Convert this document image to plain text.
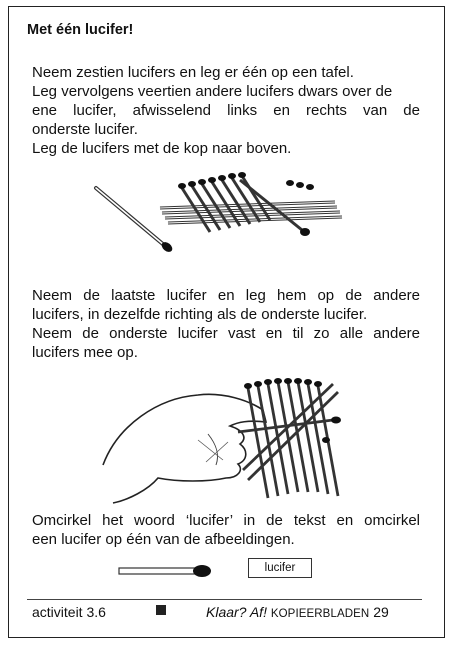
Met één lucifer!
Neem zestien lucifers en leg er één op een tafel.
Leg vervolgens veertien andere lucifers dwars over de
ene lucifer, afwisselend links en rechts van de
onderste lucifer.
Leg de lucifers met de kop naar boven.
Neem de laatste lucifer en leg hem op de andere
lucifers, in dezelfde richting als de onderste lucifer.
Neem de onderste lucifer vast en til zo alle andere
lucifers mee op.
Omcirkel het woord ‘lucifer’ in de tekst en omcirkel
een lucifer op één van de afbeeldingen.
lucifer
activiteit 3.6	Klaar? Af! KOPIEERBLADEN 29
